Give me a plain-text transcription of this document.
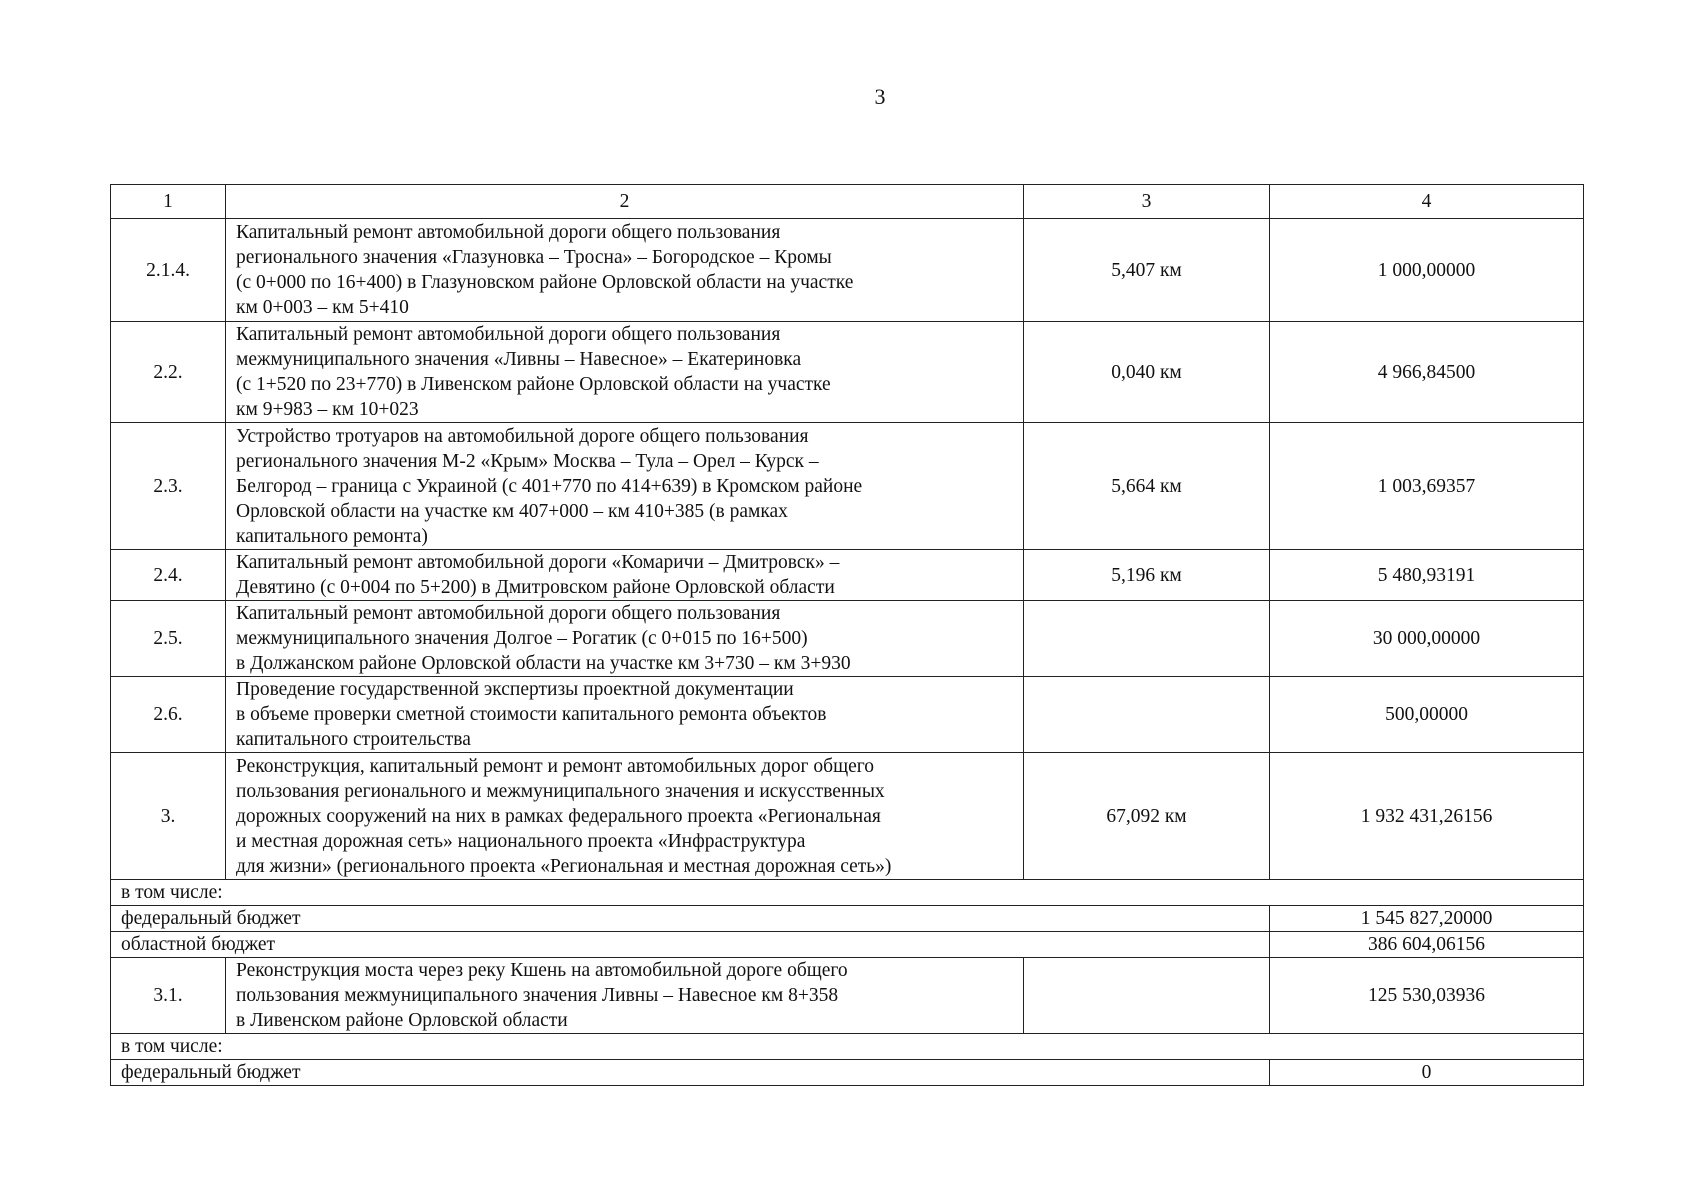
3
1	2	3	4
2.1.4.	Капитальный ремонт автомобильной дороги общего пользования
регионального значения «Глазуновка – Тросна» – Богородское – Кромы
(с 0+000 по 16+400) в Глазуновском районе Орловской области на участке
км 0+003 – км 5+410	5,407 км	1 000,00000
2.2.	Капитальный ремонт автомобильной дороги общего пользования
межмуниципального значения «Ливны – Навесное» – Екатериновка
(с 1+520 по 23+770) в Ливенском районе Орловской области на участке
км 9+983 – км 10+023	0,040 км	4 966,84500
2.3.	Устройство тротуаров на автомобильной дороге общего пользования
регионального значения М-2 «Крым» Москва – Тула – Орел – Курск –
Белгород – граница с Украиной (с 401+770 по 414+639) в Кромском районе
Орловской области на участке км 407+000 – км 410+385 (в рамках
капитального ремонта)	5,664 км	1 003,69357
2.4.	Капитальный ремонт автомобильной дороги «Комаричи – Дмитровск» –
Девятино (с 0+004 по 5+200) в Дмитровском районе Орловской области	5,196 км	5 480,93191
2.5.	Капитальный ремонт автомобильной дороги общего пользования
межмуниципального значения Долгое – Рогатик (с 0+015 по 16+500)
в Должанском районе Орловской области на участке км 3+730 – км 3+930		30 000,00000
2.6.	Проведение государственной экспертизы проектной документации
в объеме проверки сметной стоимости капитального ремонта объектов
капитального строительства		500,00000
3.	Реконструкция, капитальный ремонт и ремонт автомобильных дорог общего
пользования регионального и межмуниципального значения и искусственных
дорожных сооружений на них в рамках федерального проекта «Региональная
и местная дорожная сеть» национального проекта «Инфраструктура
для жизни» (регионального проекта «Региональная и местная дорожная сеть»)	67,092 км	1 932 431,26156
в том числе:			
федеральный бюджет			1 545 827,20000
областной бюджет			386 604,06156
3.1.	Реконструкция моста через реку Кшень на автомобильной дороге общего
пользования межмуниципального значения Ливны – Навесное км 8+358
в Ливенском районе Орловской области		125 530,03936
в том числе:			
федеральный бюджет			0
